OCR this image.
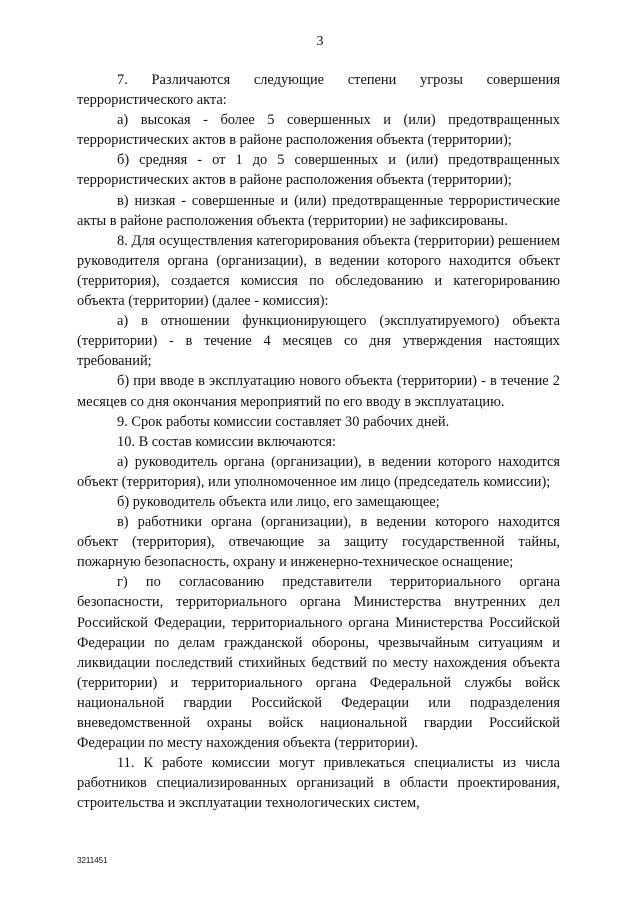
3

7. Различаются следующие степени угрозы совершения террористического акта:

а) высокая - более 5 совершенных и (или) предотвращенных террористических актов в районе расположения объекта (территории);

б) средняя - от 1 до 5 совершенных и (или) предотвращенных террористических актов в районе расположения объекта (территории);

в) низкая - совершенные и (или) предотвращенные террористические акты в районе расположения объекта (территории) не зафиксированы.

8. Для осуществления категорирования объекта (территории) решением руководителя органа (организации), в ведении которого находится объект (территория), создается комиссия по обследованию и категорированию объекта (территории) (далее - комиссия):

а) в отношении функционирующего (эксплуатируемого) объекта (территории) - в течение 4 месяцев со дня утверждения настоящих требований;

б) при вводе в эксплуатацию нового объекта (территории) - в течение 2 месяцев со дня окончания мероприятий по его вводу в эксплуатацию.

9. Срок работы комиссии составляет 30 рабочих дней.

10. В состав комиссии включаются:

а) руководитель органа (организации), в ведении которого находится объект (территория), или уполномоченное им лицо (председатель комиссии);

б) руководитель объекта или лицо, его замещающее;

в) работники органа (организации), в ведении которого находится объект (территория), отвечающие за защиту государственной тайны, пожарную безопасность, охрану и инженерно-техническое оснащение;

г) по согласованию представители территориального органа безопасности, территориального органа Министерства внутренних дел Российской Федерации, территориального органа Министерства Российской Федерации по делам гражданской обороны, чрезвычайным ситуациям и ликвидации последствий стихийных бедствий по месту нахождения объекта (территории) и территориального органа Федеральной службы войск национальной гвардии Российской Федерации или подразделения вневедомственной охраны войск национальной гвардии Российской Федерации по месту нахождения объекта (территории).

11. К работе комиссии могут привлекаться специалисты из числа работников специализированных организаций в области проектирования, строительства и эксплуатации технологических систем,

3211451
